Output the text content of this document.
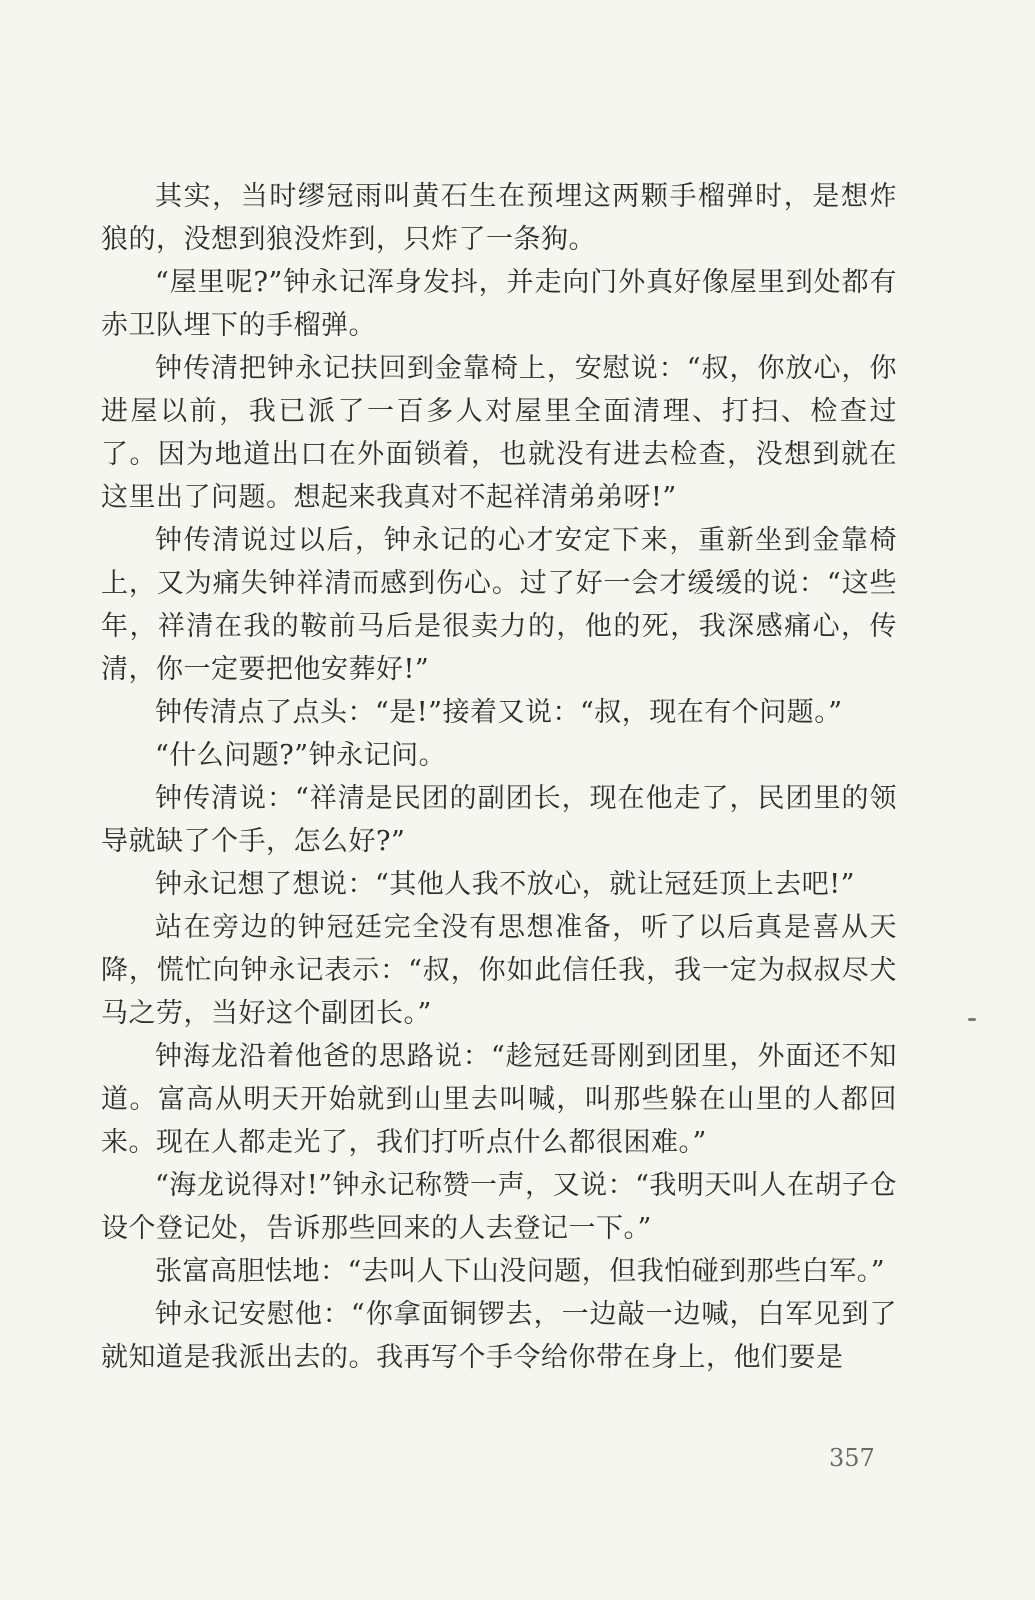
其实，当时缪冠雨叫黄石生在预埋这两颗手榴弹时，是想炸狼的，没想到狼没炸到，只炸了一条狗。

“屋里呢?”钟永记浑身发抖，并走向门外真好像屋里到处都有赤卫队埋下的手榴弹。

钟传清把钟永记扶回到金靠椅上，安慰说：“叔，你放心，你进屋以前，我已派了一百多人对屋里全面清理、打扫、检查过了。因为地道出口在外面锁着，也就没有进去检查，没想到就在这里出了问题。想起来我真对不起祥清弟弟呀!”

钟传清说过以后，钟永记的心才安定下来，重新坐到金靠椅上，又为痛失钟祥清而感到伤心。过了好一会才缓缓的说：“这些年，祥清在我的鞍前马后是很卖力的，他的死，我深感痛心，传清，你一定要把他安葬好!”

钟传清点了点头：“是!”接着又说：“叔，现在有个问题。”

“什么问题?”钟永记问。

钟传清说：“祥清是民团的副团长，现在他走了，民团里的领导就缺了个手，怎么好?”

钟永记想了想说：“其他人我不放心，就让冠廷顶上去吧!”

站在旁边的钟冠廷完全没有思想准备，听了以后真是喜从天降，慌忙向钟永记表示：“叔，你如此信任我，我一定为叔叔尽犬马之劳，当好这个副团长。”

钟海龙沿着他爸的思路说：“趁冠廷哥刚到团里，外面还不知道。富高从明天开始就到山里去叫喊，叫那些躲在山里的人都回来。现在人都走光了，我们打听点什么都很困难。”

“海龙说得对!”钟永记称赞一声，又说：“我明天叫人在胡子仓设个登记处，告诉那些回来的人去登记一下。”

张富高胆怯地：“去叫人下山没问题，但我怕碰到那些白军。”

钟永记安慰他：“你拿面铜锣去，一边敲一边喊，白军见到了就知道是我派出去的。我再写个手令给你带在身上，他们要是

357
